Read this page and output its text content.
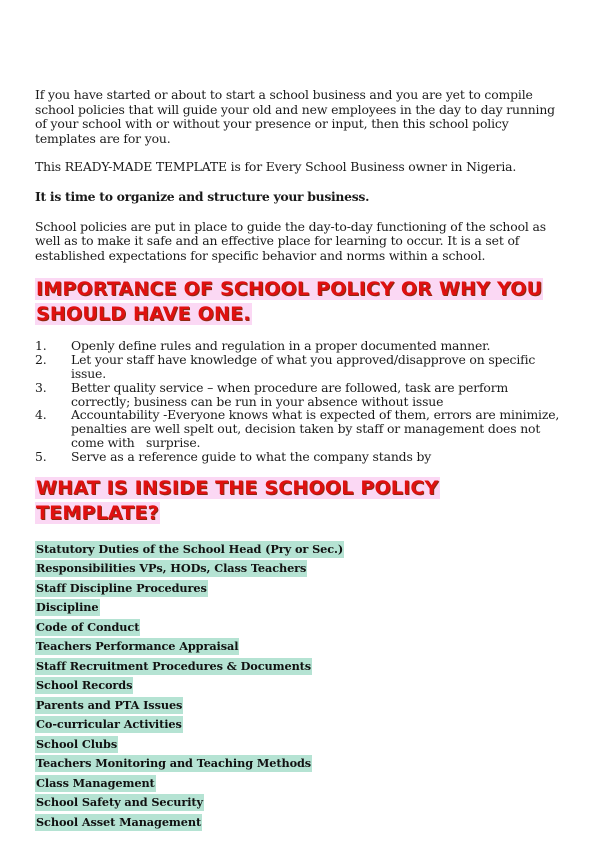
If you have started or about to start a school business and you are yet to compile school policies that will guide your old and new employees in the day to day running of your school with or without your presence or input, then this school policy templates are for you.

This READY-MADE TEMPLATE is for Every School Business owner in Nigeria.

It is time to organize and structure your business.

School policies are put in place to guide the day-to-day functioning of the school as well as to make it safe and an effective place for learning to occur. It is a set of established expectations for specific behavior and norms within a school.

IMPORTANCE OF SCHOOL POLICY OR WHY YOU SHOULD HAVE ONE.
1.	Openly define rules and regulation in a proper documented manner.
2.	Let your staff have knowledge of what you approved/disapprove on specific issue.
3.	Better quality service – when procedure are followed, task are perform correctly; business can be run in your absence without issue
4.	Accountability -Everyone knows what is expected of them, errors are minimize, penalties are well spelt out, decision taken by staff or management does not come with   surprise.
5.	Serve as a reference guide to what the company stands by
WHAT IS INSIDE THE SCHOOL POLICY TEMPLATE?
Statutory Duties of the School Head (Pry or Sec.)
Responsibilities VPs, HODs, Class Teachers
Staff Discipline Procedures
Discipline
Code of Conduct
Teachers Performance Appraisal
Staff Recruitment Procedures & Documents
School Records
Parents and PTA Issues
Co-curricular Activities
School Clubs
Teachers Monitoring and Teaching Methods
Class Management
School Safety and Security
School Asset Management
